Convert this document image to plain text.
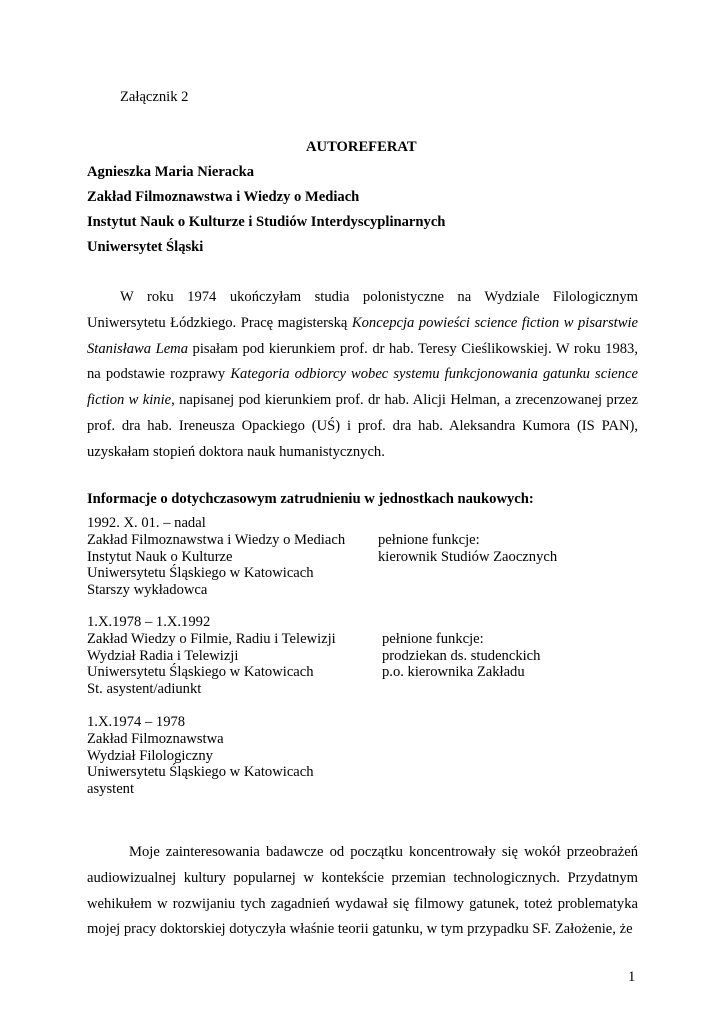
Załącznik 2
AUTOREFERAT
Agnieszka Maria Nieracka
Zakład Filmoznawstwa i Wiedzy o Mediach
Instytut Nauk o Kulturze i Studiów Interdyscyplinarnych
Uniwersytet Śląski

W roku 1974 ukończyłam studia polonistyczne na Wydziale Filologicznym Uniwersytetu Łódzkiego. Pracę magisterską Koncepcja powieści science fiction w pisarstwie Stanisława Lema pisałam pod kierunkiem prof. dr hab. Teresy Cieślikowskiej. W roku 1983, na podstawie rozprawy Kategoria odbiorcy wobec systemu funkcjonowania gatunku science fiction w kinie, napisanej pod kierunkiem prof. dr hab. Alicji Helman, a zrecenzowanej przez prof. dra hab. Ireneusza Opackiego (UŚ) i prof. dra hab. Aleksandra Kumora (IS PAN), uzyskałam stopień doktora nauk humanistycznych.

Informacje o dotychczasowym zatrudnieniu w jednostkach naukowych:
1992. X. 01. – nadal
Zakład Filmoznawstwa i Wiedzy o Mediach
Instytut Nauk o Kulturze
Uniwersytetu Śląskiego w Katowicach
Starszy wykładowca
pełnione funkcje:
kierownik Studiów Zaocznych
1.X.1978 – 1.X.1992
Zakład Wiedzy o Filmie, Radiu i Telewizji
Wydział Radia i Telewizji
Uniwersytetu Śląskiego w Katowicach
St. asystent/adiunkt
pełnione funkcje:
prodziekan ds. studenckich
p.o. kierownika Zakładu
1.X.1974 – 1978
Zakład Filmoznawstwa
Wydział Filologiczny
Uniwersytetu Śląskiego w Katowicach
asystent

Moje zainteresowania badawcze od początku koncentrowały się wokół przeobrażeń audiowizualnej kultury popularnej w kontekście przemian technologicznych. Przydatnym wehikułem w rozwijaniu tych zagadnień wydawał się filmowy gatunek, toteż problematyka mojej pracy doktorskiej dotyczyła właśnie teorii gatunku, w tym przypadku SF. Założenie, że

1
